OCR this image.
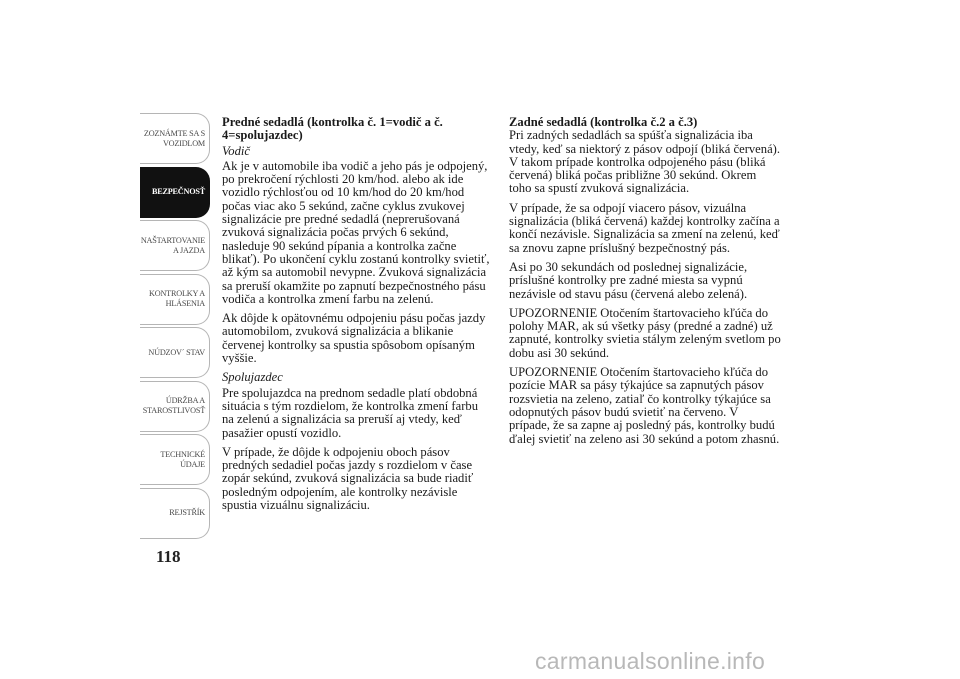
ZOZNÁMTE SA S
VOZIDLOM
BEZPEČNOSŤ
NAŠTARTOVANIE
A JAZDA
KONTROLKY A
HLÁSENIA
NÚDZOV´ STAV
ÚDRŽBA A
STAROSTLIVOSŤ
TECHNICKÉ
ÚDAJE
REJSTŘÍK
118
Predné sedadlá (kontrolka č. 1=vodič a č. 4=spolujazdec)
Vodič

Ak je v automobile iba vodič a jeho pás je odpojený, po prekročení rýchlosti 20 km/hod. alebo ak ide vozidlo rýchlosťou od 10 km/hod do 20 km/hod počas viac ako 5 sekúnd, začne cyklus zvukovej signalizácie pre predné sedadlá (neprerušovaná zvuková signalizácia počas prvých 6 sekúnd, nasleduje 90 sekúnd pípania a kontrolka začne blikať). Po ukončení cyklu zostanú kontrolky svietiť, až kým sa automobil nevypne. Zvuková signalizácia sa preruší okamžite po zapnutí bezpečnostného pásu vodiča a kontrolka zmení farbu na zelenú.

Ak dôjde k opätovnému odpojeniu pásu počas jazdy automobilom, zvuková signalizácia a blikanie červenej kontrolky sa spustia spôsobom opísaným vyššie.

Spolujazdec

Pre spolujazdca na prednom sedadle platí obdobná situácia s tým rozdielom, že kontrolka zmení farbu na zelenú a signalizácia sa preruší aj vtedy, keď pasažier opustí vozidlo.

V prípade, že dôjde k odpojeniu oboch pásov predných sedadiel počas jazdy s rozdielom v čase zopár sekúnd, zvuková signalizácia sa bude riadiť posledným odpojením, ale kontrolky nezávisle spustia vizuálnu signalizáciu.

Zadné sedadlá (kontrolka č.2 a č.3)

Pri zadných sedadlách sa spúšťa signalizácia iba vtedy, keď sa niektorý z pásov odpojí (bliká červená). V takom prípade kontrolka odpojeného pásu (bliká červená) bliká počas približne 30 sekúnd. Okrem toho sa spustí zvuková signalizácia.

V prípade, že sa odpojí viacero pásov, vizuálna signalizácia (bliká červená) každej kontrolky začína a končí nezávisle. Signalizácia sa zmení na zelenú, keď sa znovu zapne príslušný bezpečnostný pás.

Asi po 30 sekundách od poslednej signalizácie, príslušné kontrolky pre zadné miesta sa vypnú nezávisle od stavu pásu (červená alebo zelená).

UPOZORNENIE Otočením štartovacieho kľúča do polohy MAR, ak sú všetky pásy (predné a zadné) už zapnuté, kontrolky svietia stálym zeleným svetlom po dobu asi 30 sekúnd.

UPOZORNENIE Otočením štartovacieho kľúča do pozície MAR sa pásy týkajúce sa zapnutých pásov rozsvietia na zeleno, zatiaľ čo kontrolky týkajúce sa odopnutých pásov budú svietiť na červeno. V prípade, že sa zapne aj posledný pás, kontrolky budú ďalej svietiť na zeleno asi 30 sekúnd a potom zhasnú.

carmanualsonline.info
